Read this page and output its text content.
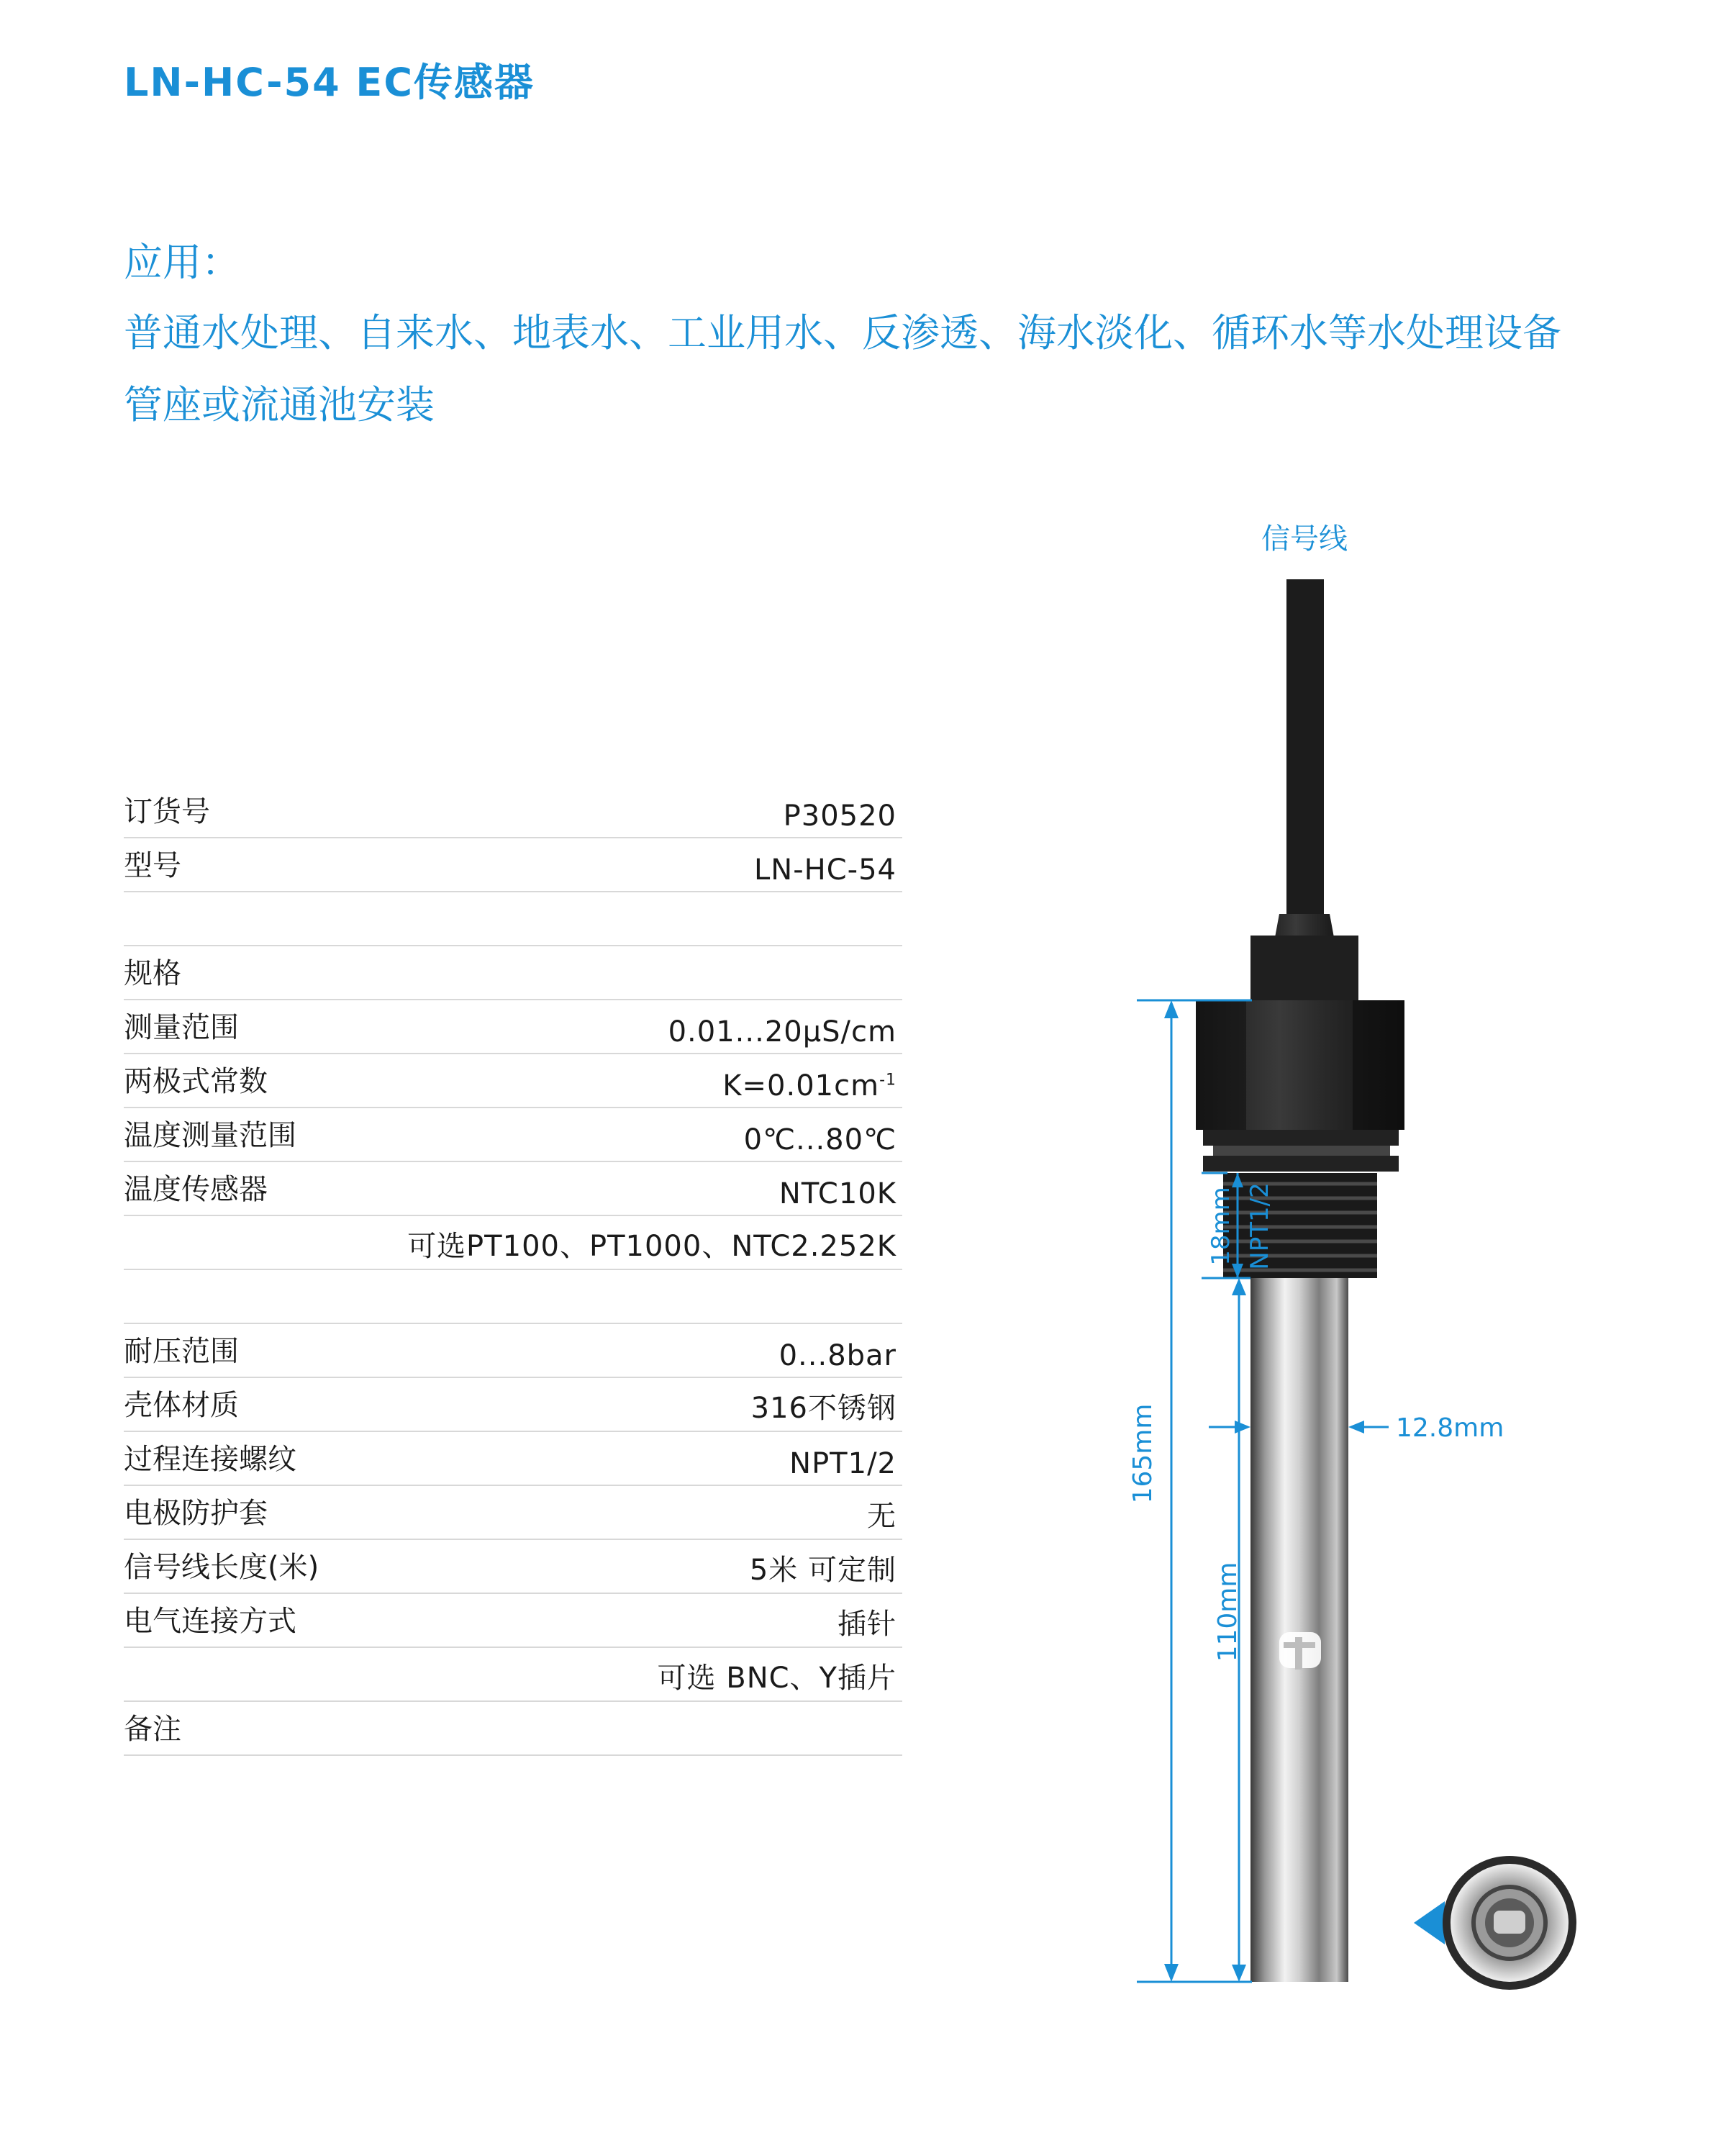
LN-HC-54 EC传感器
应用：
普通水处理、自来水、地表水、工业用水、反渗透、海水淡化、循环水等水处理设备
管座或流通池安装
订货号	P30520
型号	LN-HC-54
规格
测量范围	0.01...20μS/cm
两极式常数	$K=0.01cm^{-1}$
温度测量范围	0℃...80℃
温度传感器	NTC10K
可选PT100、PT1000、NTC2.252K
耐压范围	0...8bar
壳体材质	316不锈钢
过程连接螺纹	NPT1/2
电极防护套	无
信号线长度(米)	5米 可定制
电气连接方式	插针
可选 BNC、Y插片
备注
信号线
165mm
18mm NPT1/2
110mm
12.8mm
